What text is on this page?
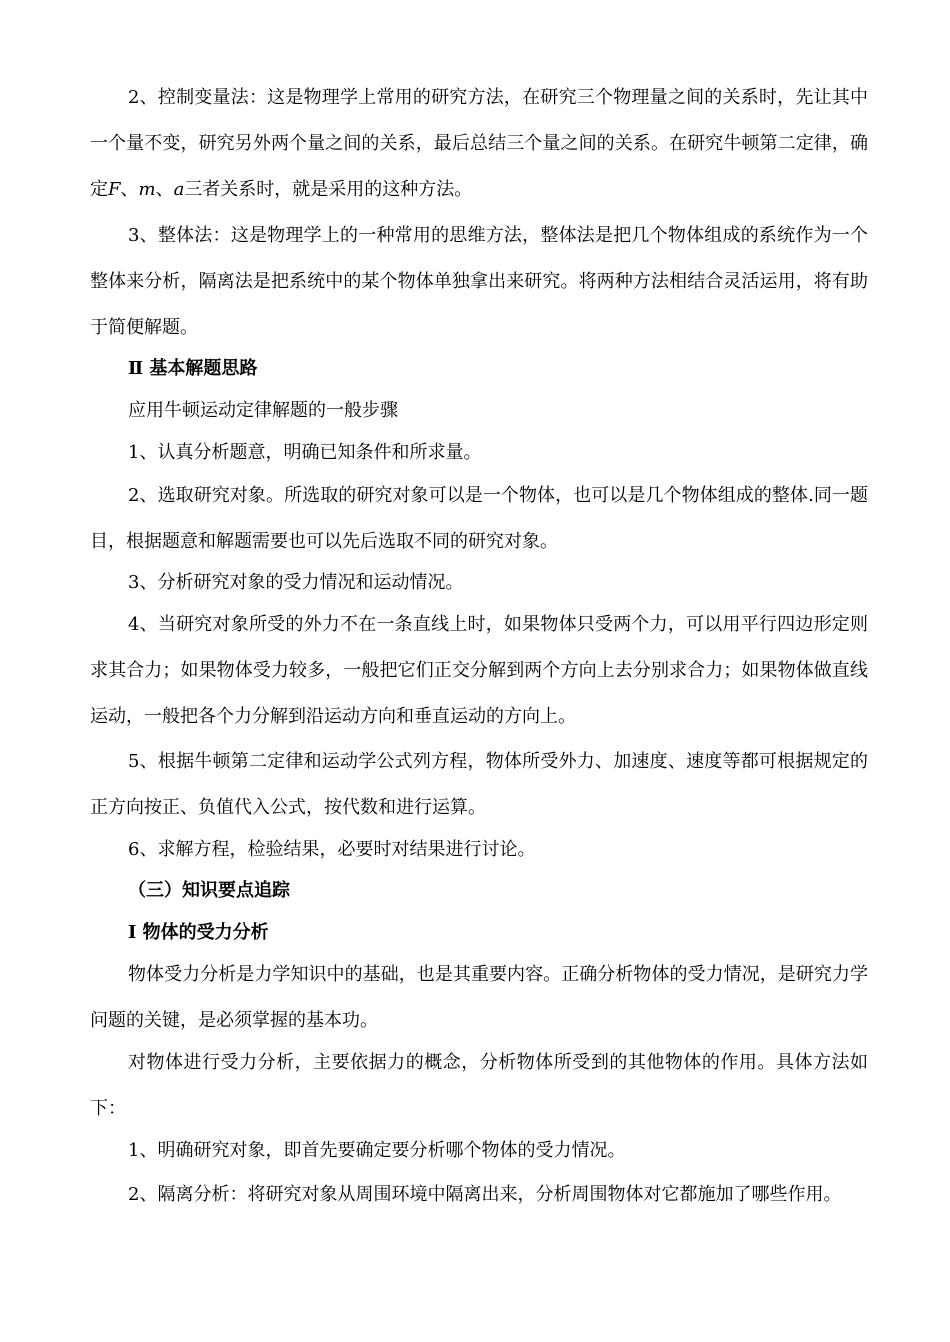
2、控制变量法：这是物理学上常用的研究方法，在研究三个物理量之间的关系时，先让其中一个量不变，研究另外两个量之间的关系，最后总结三个量之间的关系。在研究牛顿第二定律，确定F、m、a三者关系时，就是采用的这种方法。

3、整体法：这是物理学上的一种常用的思维方法，整体法是把几个物体组成的系统作为一个整体来分析，隔离法是把系统中的某个物体单独拿出来研究。将两种方法相结合灵活运用，将有助于简便解题。

Ⅱ 基本解题思路

应用牛顿运动定律解题的一般步骤

1、认真分析题意，明确已知条件和所求量。

2、选取研究对象。所选取的研究对象可以是一个物体，也可以是几个物体组成的整体.同一题目，根据题意和解题需要也可以先后选取不同的研究对象。

3、分析研究对象的受力情况和运动情况。

4、当研究对象所受的外力不在一条直线上时，如果物体只受两个力，可以用平行四边形定则求其合力；如果物体受力较多，一般把它们正交分解到两个方向上去分别求合力；如果物体做直线运动，一般把各个力分解到沿运动方向和垂直运动的方向上。

5、根据牛顿第二定律和运动学公式列方程，物体所受外力、加速度、速度等都可根据规定的正方向按正、负值代入公式，按代数和进行运算。

6、求解方程，检验结果，必要时对结果进行讨论。

（三）知识要点追踪

Ⅰ 物体的受力分析

物体受力分析是力学知识中的基础，也是其重要内容。正确分析物体的受力情况，是研究力学问题的关键，是必须掌握的基本功。

对物体进行受力分析，主要依据力的概念，分析物体所受到的其他物体的作用。具体方法如下：

1、明确研究对象，即首先要确定要分析哪个物体的受力情况。

2、隔离分析：将研究对象从周围环境中隔离出来，分析周围物体对它都施加了哪些作用。
